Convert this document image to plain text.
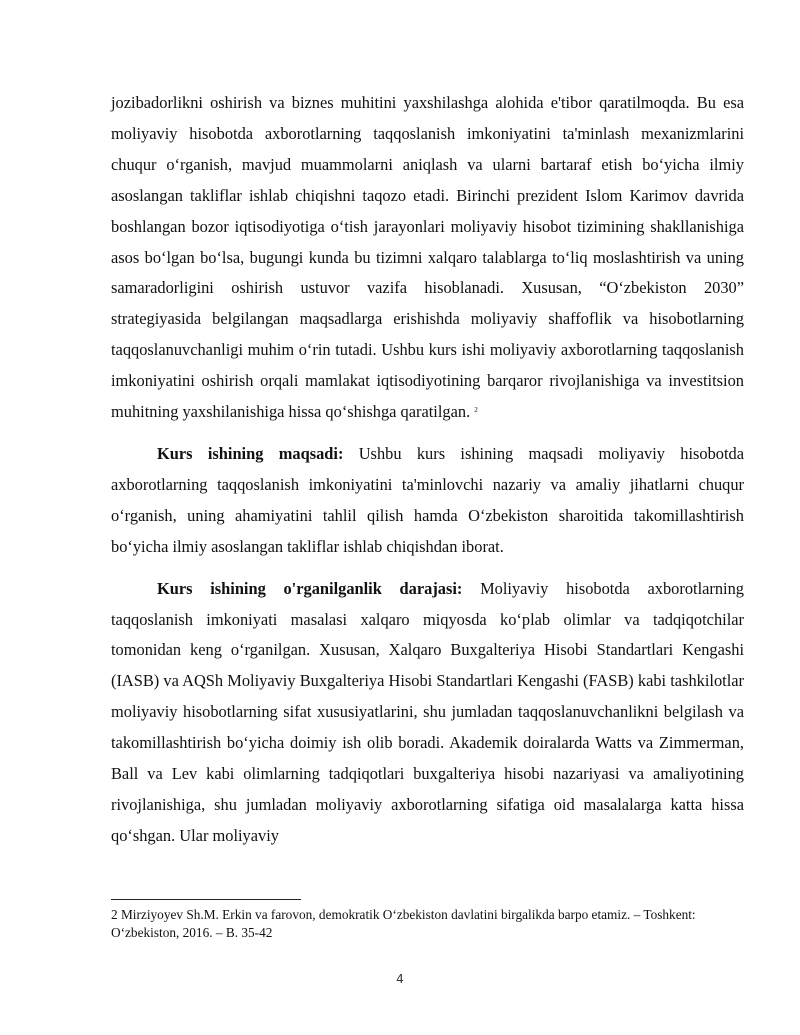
jozibadorlikni oshirish va biznes muhitini yaxshilashga alohida e'tibor qaratilmoqda. Bu esa moliyaviy hisobotda axborotlarning taqqoslanish imkoniyatini ta'minlash mexanizmlarini chuqur o‘rganish, mavjud muammolarni aniqlash va ularni bartaraf etish bo‘yicha ilmiy asoslangan takliflar ishlab chiqishni taqozo etadi. Birinchi prezident Islom Karimov davrida boshlangan bozor iqtisodiyotiga o‘tish jarayonlari moliyaviy hisobot tizimining shakllanishiga asos bo‘lgan bo‘lsa, bugungi kunda bu tizimni xalqaro talablarga to‘liq moslashtirish va uning samaradorligini oshirish ustuvor vazifa hisoblanadi. Xususan, “O‘zbekiston 2030” strategiyasida belgilangan maqsadlarga erishishda moliyaviy shaffoflik va hisobotlarning taqqoslanuvchanligi muhim o‘rin tutadi. Ushbu kurs ishi moliyaviy axborotlarning taqqoslanish imkoniyatini oshirish orqali mamlakat iqtisodiyotining barqaror rivojlanishiga va investitsion muhitning yaxshilanishiga hissa qo‘shishga qaratilgan. $^2$

Kurs ishining maqsadi: Ushbu kurs ishining maqsadi moliyaviy hisobotda axborotlarning taqqoslanish imkoniyatini ta'minlovchi nazariy va amaliy jihatlarni chuqur o‘rganish, uning ahamiyatini tahlil qilish hamda O‘zbekiston sharoitida takomillashtirish bo‘yicha ilmiy asoslangan takliflar ishlab chiqishdan iborat.

Kurs ishining o'rganilganlik darajasi: Moliyaviy hisobotda axborotlarning taqqoslanish imkoniyati masalasi xalqaro miqyosda ko‘plab olimlar va tadqiqotchilar tomonidan keng o‘rganilgan. Xususan, Xalqaro Buxgalteriya Hisobi Standartlari Kengashi (IASB) va AQSh Moliyaviy Buxgalteriya Hisobi Standartlari Kengashi (FASB) kabi tashkilotlar moliyaviy hisobotlarning sifat xususiyatlarini, shu jumladan taqqoslanuvchanlikni belgilash va takomillashtirish bo‘yicha doimiy ish olib boradi. Akademik doiralarda Watts va Zimmerman, Ball va Lev kabi olimlarning tadqiqotlari buxgalteriya hisobi nazariyasi va amaliyotining rivojlanishiga, shu jumladan moliyaviy axborotlarning sifatiga oid masalalarga katta hissa qo‘shgan. Ular moliyaviy

2 Mirziyoyev Sh.M. Erkin va farovon, demokratik O‘zbekiston davlatini birgalikda barpo etamiz. – Toshkent: O‘zbekiston, 2016. – B. 35-42
4
